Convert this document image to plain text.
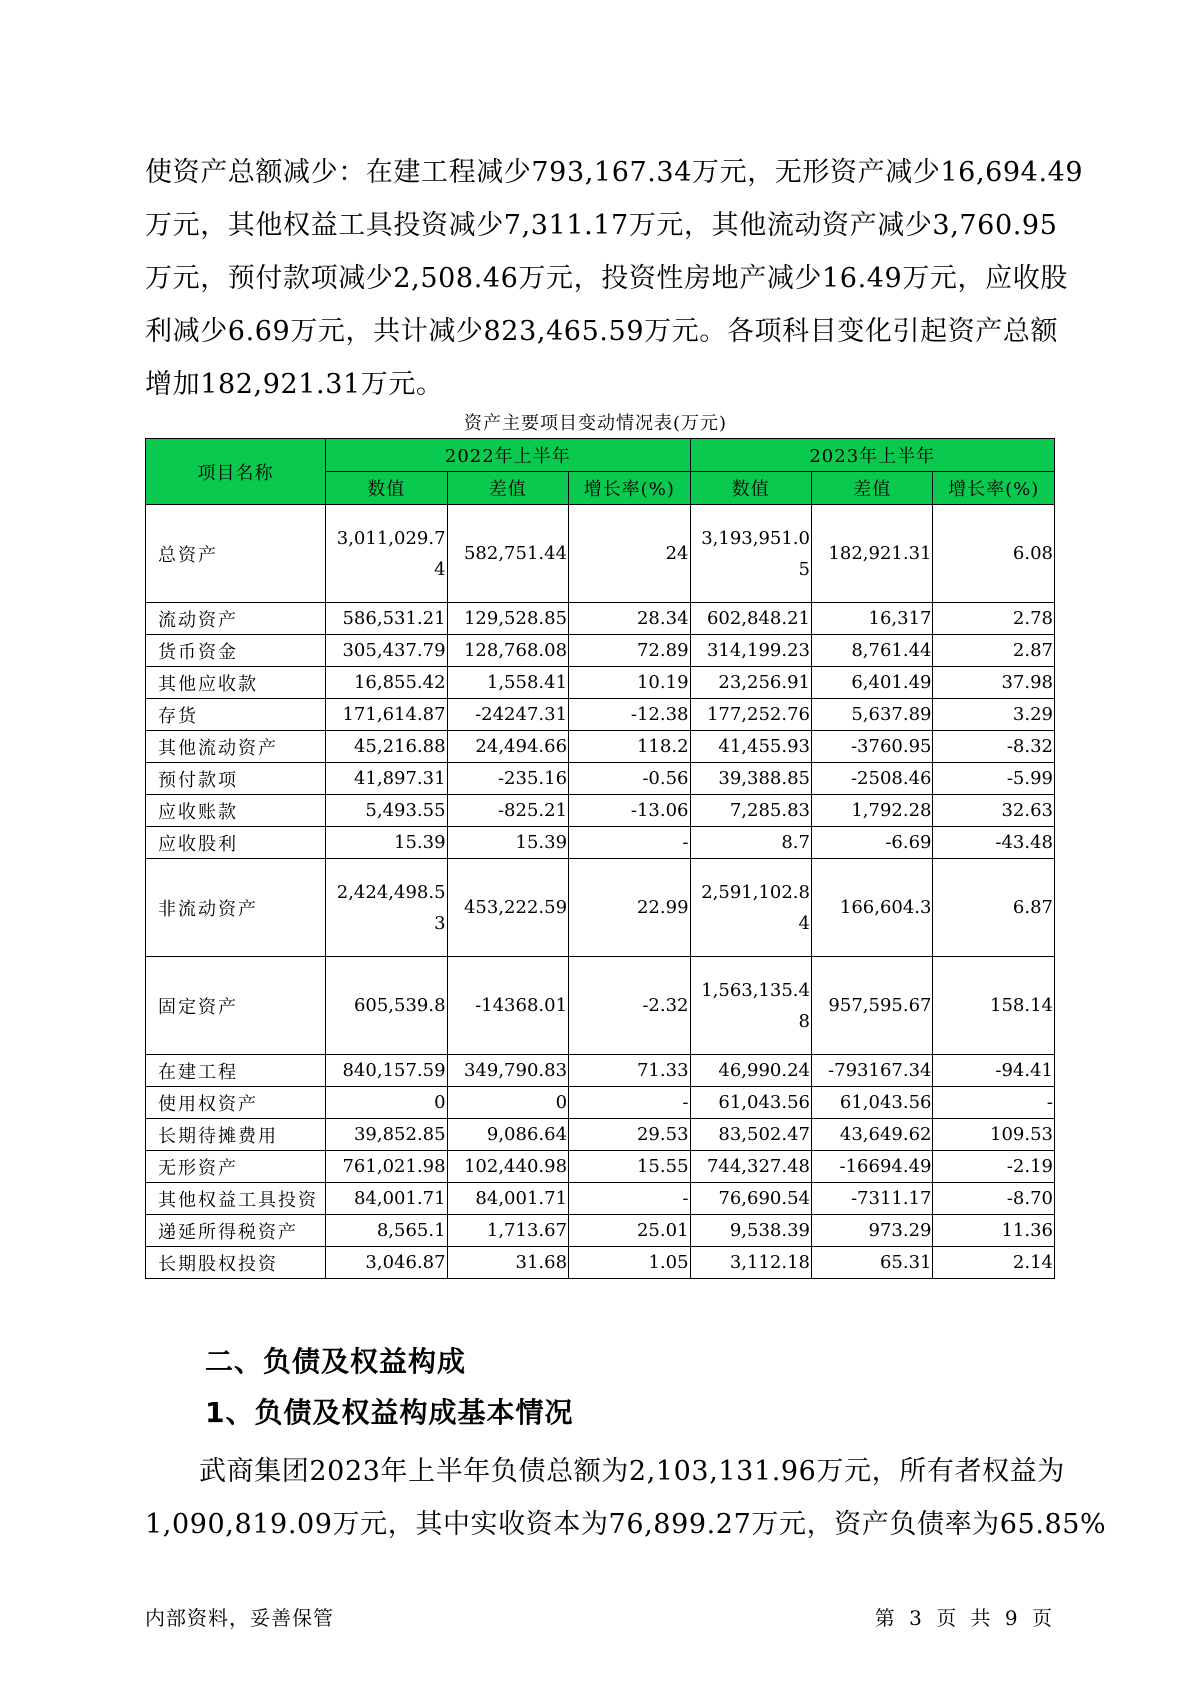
使资产总额减少：在建工程减少793,167.34万元，无形资产减少16,694.49
万元，其他权益工具投资减少7,311.17万元，其他流动资产减少3,760.95
万元，预付款项减少2,508.46万元，投资性房地产减少16.49万元，应收股
利减少6.69万元，共计减少823,465.59万元。各项科目变化引起资产总额
增加182,921.31万元。
资产主要项目变动情况表(万元)
项目名称	2022年上半年			2023年上半年		
	数值	差值	增长率(%)	数值	差值	增长率(%)
总资产	3,011,029.74	582,751.44	24	3,193,951.05	182,921.31	6.08
流动资产	586,531.21	129,528.85	28.34	602,848.21	16,317	2.78
货币资金	305,437.79	128,768.08	72.89	314,199.23	8,761.44	2.87
其他应收款	16,855.42	1,558.41	10.19	23,256.91	6,401.49	37.98
存货	171,614.87	-24247.31	-12.38	177,252.76	5,637.89	3.29
其他流动资产	45,216.88	24,494.66	118.2	41,455.93	-3760.95	-8.32
预付款项	41,897.31	-235.16	-0.56	39,388.85	-2508.46	-5.99
应收账款	5,493.55	-825.21	-13.06	7,285.83	1,792.28	32.63
应收股利	15.39	15.39	-	8.7	-6.69	-43.48
非流动资产	2,424,498.53	453,222.59	22.99	2,591,102.84	166,604.3	6.87
固定资产	605,539.8	-14368.01	-2.32	1,563,135.48	957,595.67	158.14
在建工程	840,157.59	349,790.83	71.33	46,990.24	-793167.34	-94.41
使用权资产	0	0	-	61,043.56	61,043.56	-
长期待摊费用	39,852.85	9,086.64	29.53	83,502.47	43,649.62	109.53
无形资产	761,021.98	102,440.98	15.55	744,327.48	-16694.49	-2.19
其他权益工具投资	84,001.71	84,001.71	-	76,690.54	-7311.17	-8.70
递延所得税资产	8,565.1	1,713.67	25.01	9,538.39	973.29	11.36
长期股权投资	3,046.87	31.68	1.05	3,112.18	65.31	2.14
二、负债及权益构成
1、负债及权益构成基本情况
武商集团2023年上半年负债总额为2,103,131.96万元，所有者权益为
1,090,819.09万元，其中实收资本为76,899.27万元，资产负债率为65.85%
内部资料，妥善保管	第 3 页 共 9 页
